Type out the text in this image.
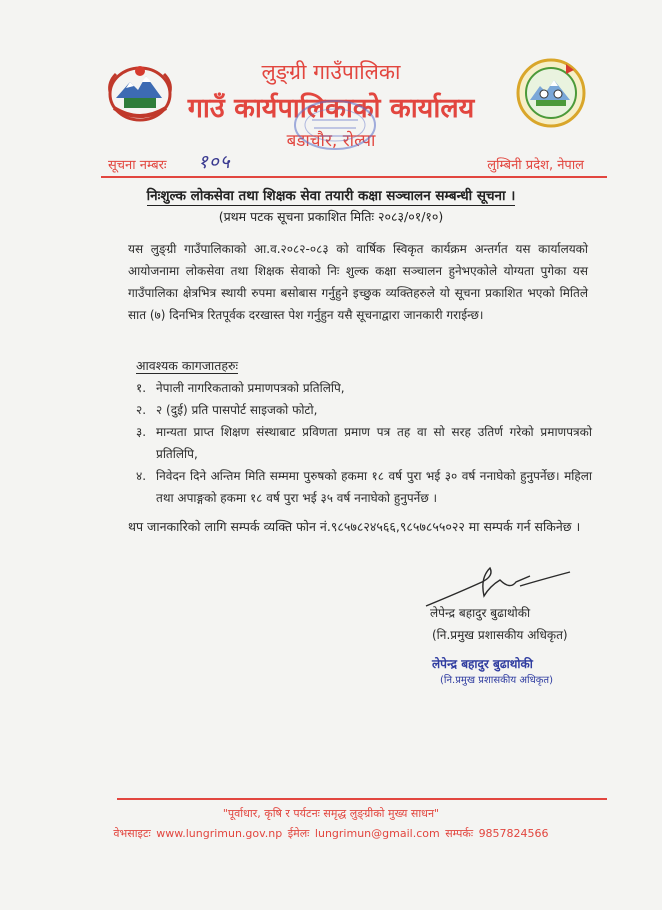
लुङ्ग्री गाउँपालिका
गाउँ कार्यपालिकाको कार्यालय
बडाचौर, रोल्पा
सूचना नम्बरः १०५	लुम्बिनी प्रदेश, नेपाल
निःशुल्क लोकसेवा तथा शिक्षक सेवा तयारी कक्षा सञ्चालन सम्बन्धी सूचना ।
(प्रथम पटक सूचना प्रकाशित मितिः २०८३/०१/१०)
यस लुङ्ग्री गाउँपालिकाको आ.व.२०८२-०८३ को वार्षिक स्विकृत कार्यक्रम अन्तर्गत यस कार्यालयको आयोजनामा लोकसेवा तथा शिक्षक सेवाको निः शुल्क कक्षा सञ्चालन हुनेभएकोले योग्यता पुगेका यस गाउँपालिका क्षेत्रभित्र स्थायी रुपमा बसोबास गर्नुहुने इच्छुक व्यक्तिहरुले यो सूचना प्रकाशित भएको मितिले सात (७) दिनभित्र रितपूर्वक दरखास्त पेश गर्नुहुन यसै सूचनाद्वारा जानकारी गराईन्छ।
आवश्यक कागजातहरुः
१. नेपाली नागरिकताको प्रमाणपत्रको प्रतिलिपि,
२. २ (दुई) प्रति पासपोर्ट साइजको फोटो,
३. मान्यता प्राप्त शिक्षण संस्थाबाट प्रविणता प्रमाण पत्र तह वा सो सरह उतिर्ण गरेको प्रमाणपत्रको प्रतिलिपि,
४. निवेदन दिने अन्तिम मिति सम्ममा पुरुषको हकमा १८ वर्ष पुरा भई ३० वर्ष ननाघेको हुनुपर्नेछ। महिला तथा अपाङ्गको हकमा १८ वर्ष पुरा भई ३५ वर्ष ननाघेको हुनुपर्नेछ ।
थप जानकारिको लागि सम्पर्क व्यक्ति फोन नं.९८५७८२४५६६,९८५७८५५०२२ मा सम्पर्क गर्न सकिनेछ ।
लेपेन्द्र बहादुर बुढाथोकी
(नि.प्रमुख प्रशासकीय अधिकृत)
लेपेन्द्र बहादुर बुढाथोकी
(नि.प्रमुख प्रशासकीय अधिकृत)
"पूर्वाधार, कृषि र पर्यटनः समृद्ध लुङ्ग्रीको मुख्य साधन"
वेभसाइटः www.lungrimun.gov.np ईमेलः lungrimun@gmail.com सम्पर्कः 9857824566
